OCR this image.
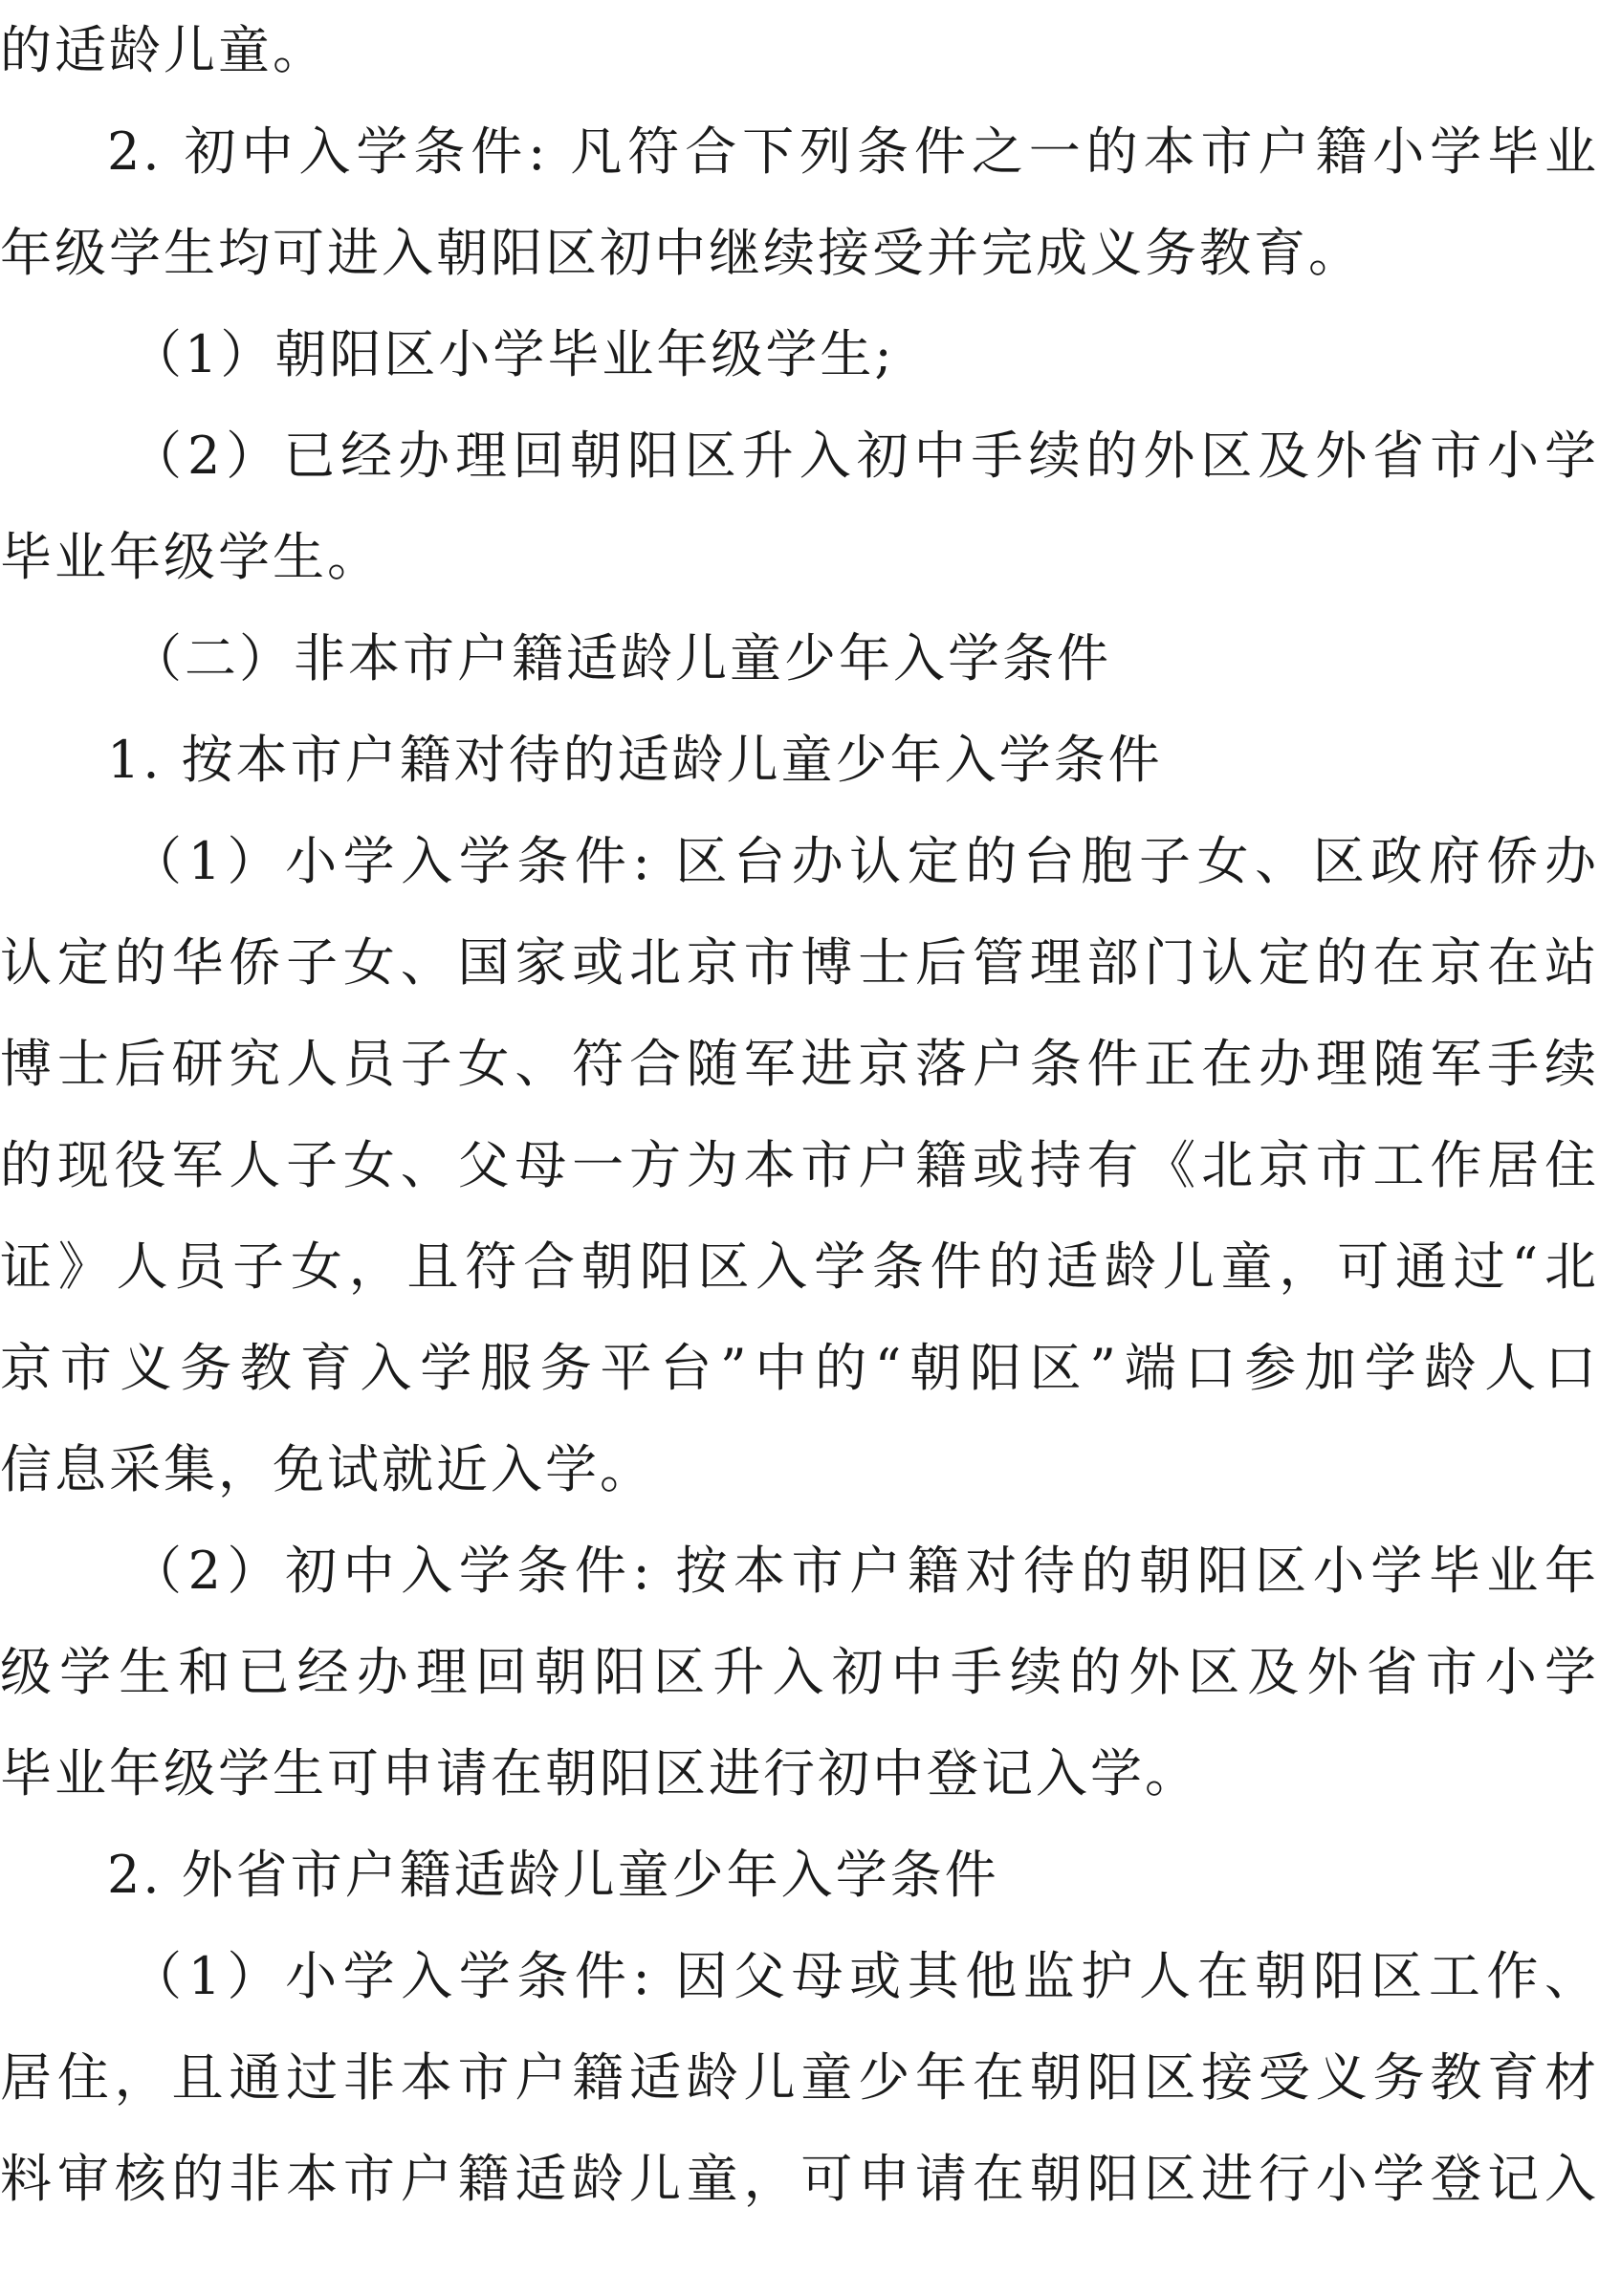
的适龄儿童。
2. 初中入学条件: 凡符合下列条件之一的本市户籍小学毕业
年级学生均可进入朝阳区初中继续接受并完成义务教育。
（1）朝阳区小学毕业年级学生;
（2）已经办理回朝阳区升入初中手续的外区及外省市小学
毕业年级学生。
（二）非本市户籍适龄儿童少年入学条件
1. 按本市户籍对待的适龄儿童少年入学条件
（1）小学入学条件: 区台办认定的台胞子女、区政府侨办
认定的华侨子女、国家或北京市博士后管理部门认定的在京在站
博士后研究人员子女、符合随军进京落户条件正在办理随军手续
的现役军人子女、父母一方为本市户籍或持有《北京市工作居住
证》人员子女，且符合朝阳区入学条件的适龄儿童，可通过“北
京市义务教育入学服务平台”中的“朝阳区”端口参加学龄人口
信息采集，免试就近入学。
（2）初中入学条件: 按本市户籍对待的朝阳区小学毕业年
级学生和已经办理回朝阳区升入初中手续的外区及外省市小学
毕业年级学生可申请在朝阳区进行初中登记入学。
2. 外省市户籍适龄儿童少年入学条件
（1）小学入学条件: 因父母或其他监护人在朝阳区工作、
居住，且通过非本市户籍适龄儿童少年在朝阳区接受义务教育材
料审核的非本市户籍适龄儿童，可申请在朝阳区进行小学登记入
